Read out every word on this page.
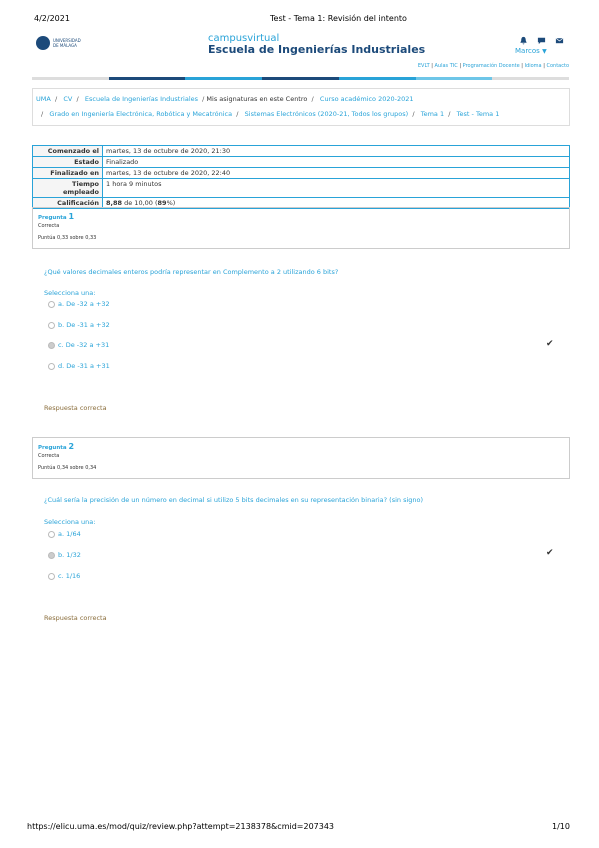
4/2/2021	Test - Tema 1: Revisión del intento
UNIVERSIDAD
DE MÁLAGA
campusvirtual
Escuela de Ingenierías Industriales	Marcos ▼
EVLT | Aulas TIC | Programación Docente | Idioma | Contacto
UMA  /   CV  /   Escuela de Ingenierías Industriales  / Mis asignaturas en este Centro  /   Curso académico 2020-2021
/   Grado en Ingeniería Electrónica, Robótica y Mecatrónica  /   Sistemas Electrónicos (2020-21, Todos los grupos)  /   Tema 1  /   Test - Tema 1
Comenzado el	martes, 13 de octubre de 2020, 21:30
Estado	Finalizado
Finalizado en	martes, 13 de octubre de 2020, 22:40
Tiempo empleado	1 hora 9 minutos
Calificación	8,88 de 10,00 (89%)
Pregunta 1
Correcta
Puntúa 0,33 sobre 0,33
¿Qué valores decimales enteros podría representar en Complemento a 2 utilizando 6 bits?
Selecciona una:
a. De -32 a +32
b. De -31 a +32
c. De -32 a +31	✔
d. De -31 a +31
Respuesta correcta
Pregunta 2
Correcta
Puntúa 0,34 sobre 0,34
¿Cuál sería la precisión de un número en decimal si utilizo 5 bits decimales en su representación binaria? (sin signo)
Selecciona una:
a. 1/64
b. 1/32	✔
c. 1/16
Respuesta correcta
https://elicu.uma.es/mod/quiz/review.php?attempt=2138378&cmid=207343	1/10
